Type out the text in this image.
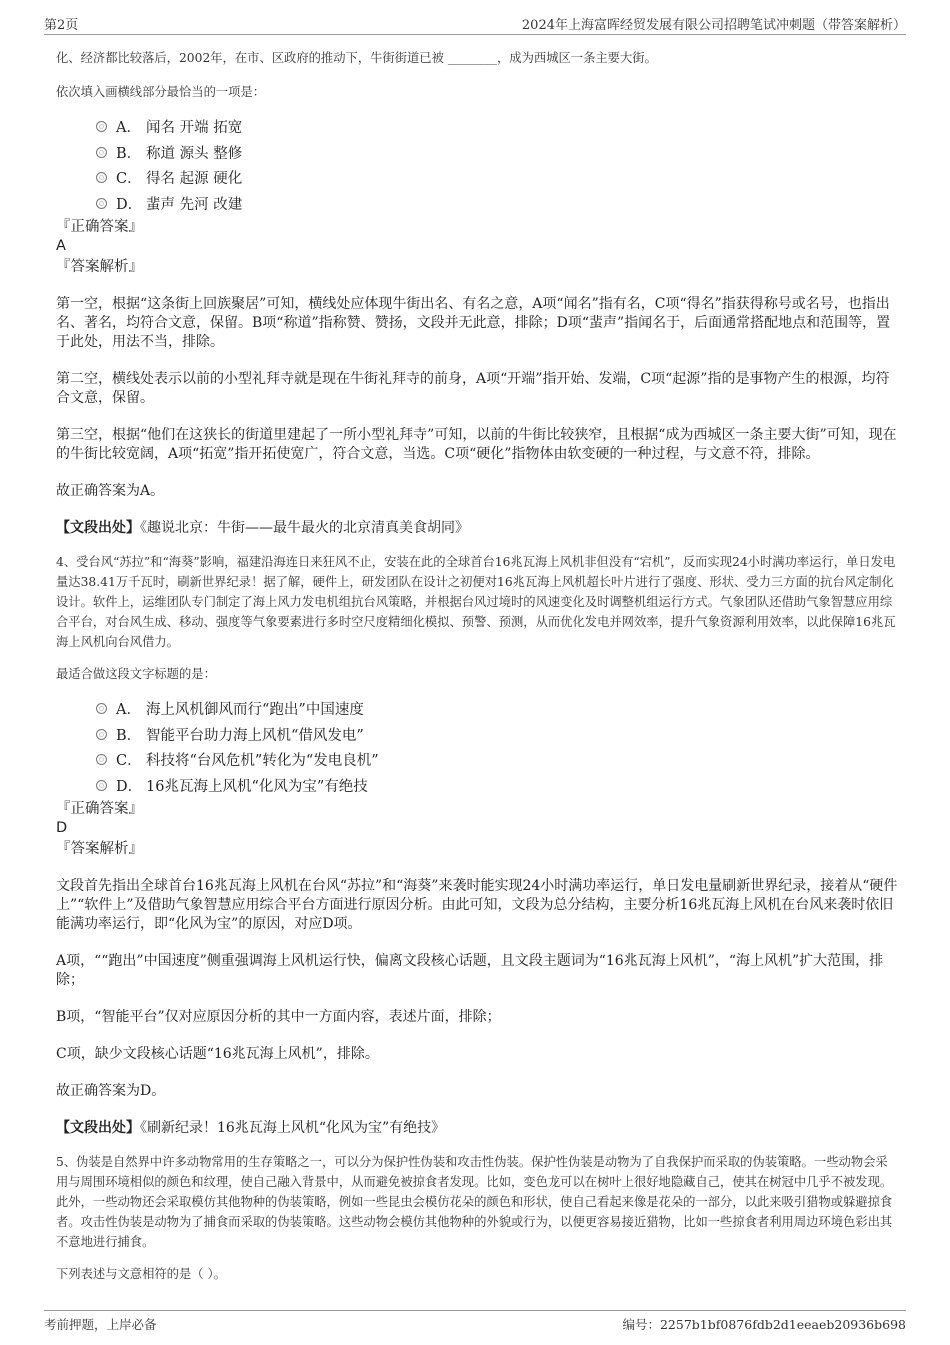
第2页	2024年上海富晖经贸发展有限公司招聘笔试冲刺题（带答案解析）

化、经济都比较落后，2002年，在市、区政府的推动下，牛街街道已被 ________，成为西城区一条主要大街。

依次填入画横线部分最恰当的一项是：

A． 闻名 开端 拓宽
B． 称道 源头 整修
C． 得名 起源 硬化
D． 蜚声 先河 改建

『正确答案』

A

『答案解析』

第一空，根据“这条街上回族聚居”可知，横线处应体现牛街出名、有名之意，A项“闻名”指有名，C项“得名”指获得称号或名号，也指出名、著名，均符合文意，保留。B项“称道”指称赞、赞扬，文段并无此意，排除；D项“蜚声”指闻名于，后面通常搭配地点和范围等，置于此处，用法不当，排除。

第二空，横线处表示以前的小型礼拜寺就是现在牛街礼拜寺的前身，A项“开端”指开始、发端，C项“起源”指的是事物产生的根源，均符合文意，保留。

第三空，根据“他们在这狭长的街道里建起了一所小型礼拜寺”可知，以前的牛街比较狭窄，且根据“成为西城区一条主要大街”可知，现在的牛街比较宽阔，A项“拓宽”指开拓使宽广，符合文意，当选。C项“硬化”指物体由软变硬的一种过程，与文意不符，排除。

故正确答案为A。

【文段出处】《趣说北京：牛街——最牛最火的北京清真美食胡同》

4、受台风“苏拉”和“海葵”影响，福建沿海连日来狂风不止，安装在此的全球首台16兆瓦海上风机非但没有“宕机”，反而实现24小时满功率运行，单日发电量达38.41万千瓦时，刷新世界纪录！据了解，硬件上，研发团队在设计之初便对16兆瓦海上风机超长叶片进行了强度、形状、受力三方面的抗台风定制化设计。软件上，运维团队专门制定了海上风力发电机组抗台风策略，并根据台风过境时的风速变化及时调整机组运行方式。气象团队还借助气象智慧应用综合平台，对台风生成、移动、强度等气象要素进行多时空尺度精细化模拟、预警、预测，从而优化发电并网效率，提升气象资源利用效率，以此保障16兆瓦海上风机向台风借力。

最适合做这段文字标题的是：

A． 海上风机御风而行“跑出”中国速度
B． 智能平台助力海上风机“借风发电”
C． 科技将“台风危机”转化为“发电良机”
D． 16兆瓦海上风机“化风为宝”有绝技

『正确答案』

D

『答案解析』

文段首先指出全球首台16兆瓦海上风机在台风“苏拉”和“海葵”来袭时能实现24小时满功率运行，单日发电量刷新世界纪录，接着从“硬件上”“软件上”及借助气象智慧应用综合平台方面进行原因分析。由此可知，文段为总分结构，主要分析16兆瓦海上风机在台风来袭时依旧能满功率运行，即“化风为宝”的原因，对应D项。

A项，““跑出”中国速度”侧重强调海上风机运行快，偏离文段核心话题，且文段主题词为“16兆瓦海上风机”，“海上风机”扩大范围，排除；

B项，“智能平台”仅对应原因分析的其中一方面内容，表述片面，排除；

C项，缺少文段核心话题“16兆瓦海上风机”，排除。

故正确答案为D。

【文段出处】《刷新纪录！16兆瓦海上风机“化风为宝”有绝技》

5、伪装是自然界中许多动物常用的生存策略之一，可以分为保护性伪装和攻击性伪装。保护性伪装是动物为了自我保护而采取的伪装策略。一些动物会采用与周围环境相似的颜色和纹理，使自己融入背景中，从而避免被掠食者发现。比如，变色龙可以在树叶上很好地隐藏自己，使其在树冠中几乎不被发现。此外，一些动物还会采取模仿其他物种的伪装策略，例如一些昆虫会模仿花朵的颜色和形状，使自己看起来像是花朵的一部分，以此来吸引猎物或躲避掠食者。攻击性伪装是动物为了捕食而采取的伪装策略。这些动物会模仿其他物种的外貌或行为，以便更容易接近猎物，比如一些掠食者利用周边环境色彩出其不意地进行捕食。

下列表述与文意相符的是（ ）。

考前押题，上岸必备	编号：2257b1bf0876fdb2d1eeaeb20936b698
